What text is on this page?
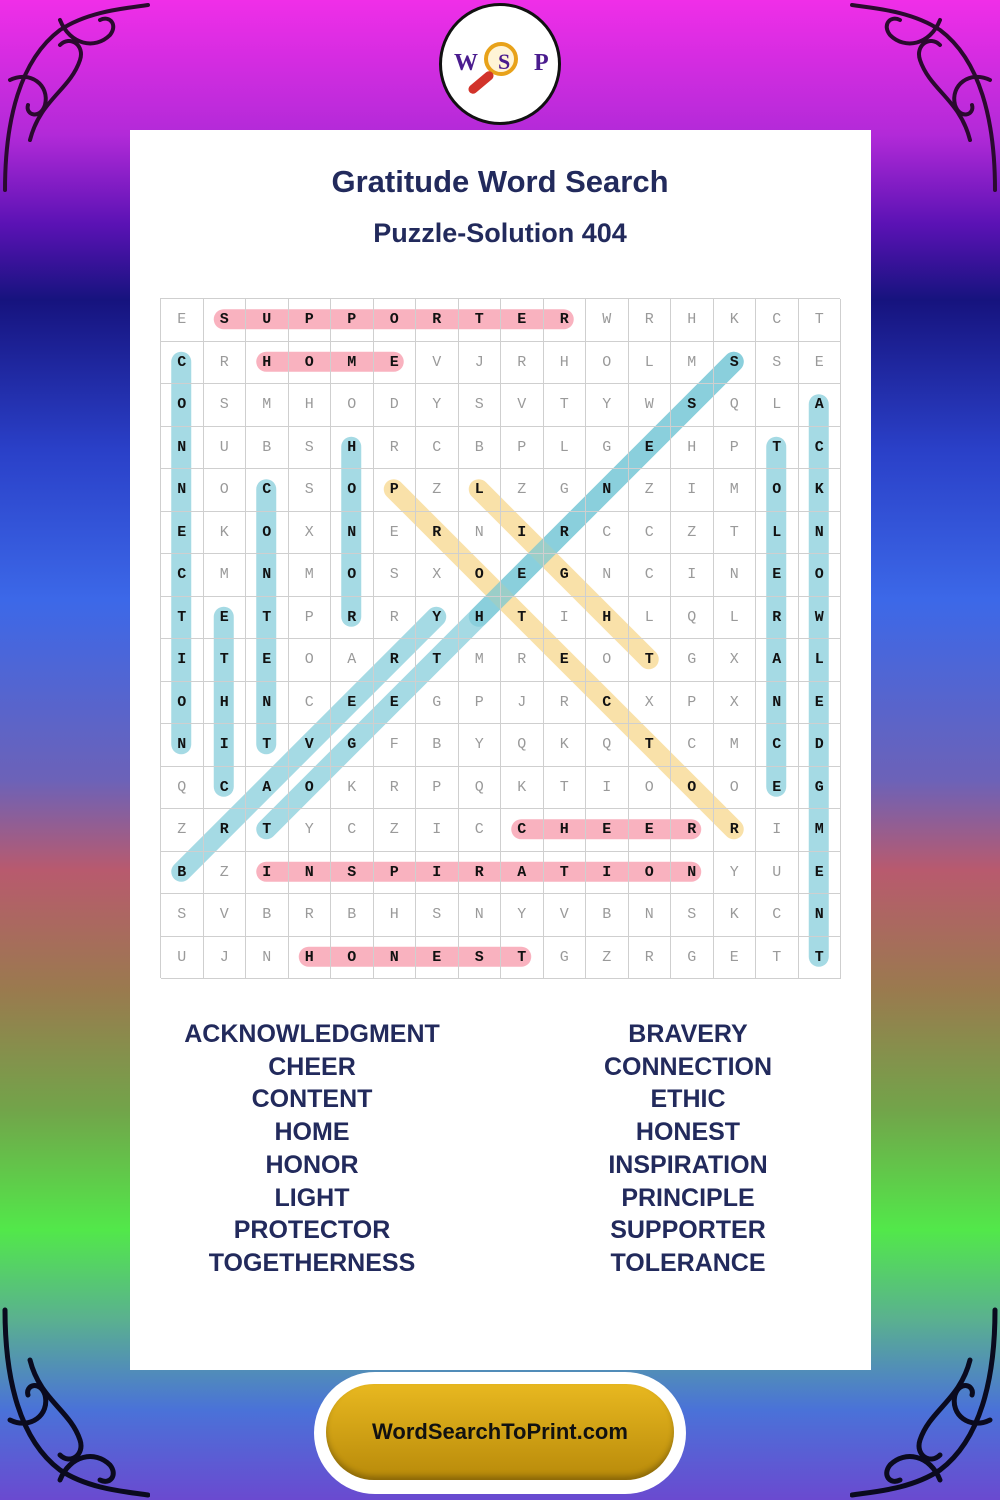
W S P
Gratitude Word Search
Puzzle-Solution 404
E	S	U	P	P	O	R	T	E	R	W	R	H	K	C	T
C	R	H	O	M	E	V	J	R	H	O	L	M	S	S	E
O	S	M	H	O	D	Y	S	V	T	Y	W	S	Q	L	A
N	U	B	S	H	R	C	B	P	L	G	E	H	P	T	C
N	O	C	S	O	P	Z	L	Z	G	N	Z	I	M	O	K
E	K	O	X	N	E	R	N	I	R	C	C	Z	T	L	N
C	M	N	M	O	S	X	O	E	G	N	C	I	N	E	O
T	E	T	P	R	R	Y	H	T	I	H	L	Q	L	R	W
I	T	E	O	A	R	T	M	R	E	O	T	G	X	A	L
O	H	N	C	E	E	G	P	J	R	C	X	P	X	N	E
N	I	T	V	G	F	B	Y	Q	K	Q	T	C	M	C	D
Q	C	A	O	K	R	P	Q	K	T	I	O	O	O	E	G
Z	R	T	Y	C	Z	I	C	C	H	E	E	R	R	I	M
B	Z	I	N	S	P	I	R	A	T	I	O	N	Y	U	E
S	V	B	R	B	H	S	N	Y	V	B	N	S	K	C	N
U	J	N	H	O	N	E	S	T	G	Z	R	G	E	T	T
ACKNOWLEDGMENT
CHEER
CONTENT
HOME
HONOR
LIGHT
PROTECTOR
TOGETHERNESS
BRAVERY
CONNECTION
ETHIC
HONEST
INSPIRATION
PRINCIPLE
SUPPORTER
TOLERANCE
WordSearchToPrint.com
